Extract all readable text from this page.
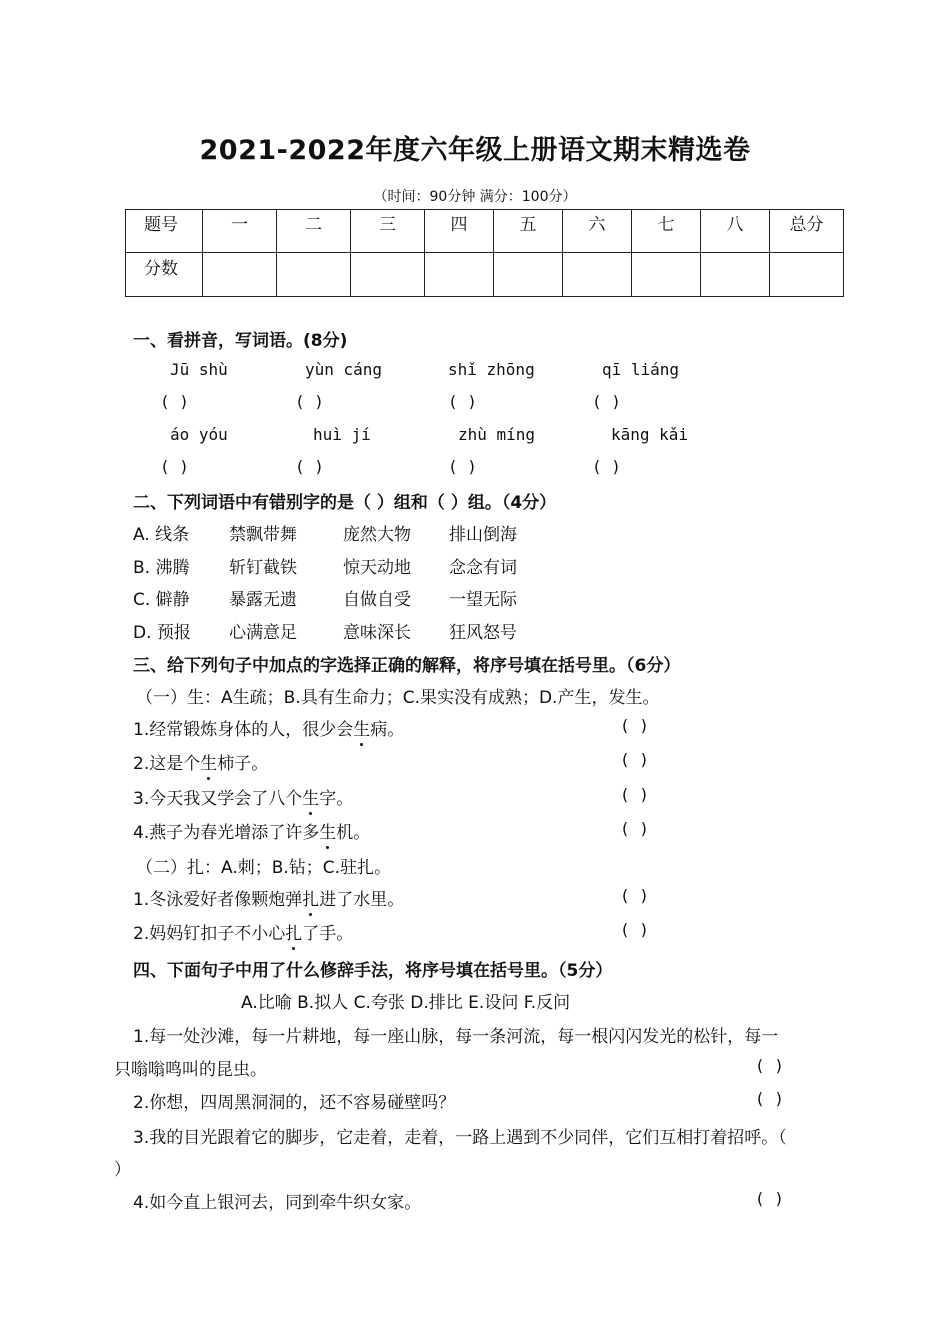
2021-2022年度六年级上册语文期末精选卷
（时间：90分钟 满分：100分）
题号	一	二	三	四	五	六	七	八	总分
分数									
一、看拼音，写词语。(8分)
Jū shù	yùn cáng	shǐ zhōng	qī liáng
( )	( )	( )	( )
áo yóu	huì jí	zhù míng	kāng kǎi
( )	( )	( )	( )
二、下列词语中有错别字的是（ ）组和（ ）组。（4分）
A. 线条 禁飘带舞	庞然大物 排山倒海
B. 沸腾 斩钉截铁	惊天动地 念念有词
C. 僻静 暴露无遗	自做自受 一望无际
D. 预报 心满意足	意味深长 狂风怒号
三、给下列句子中加点的字选择正确的解释，将序号填在括号里。（6分）
（一）生：A生疏；B.具有生命力；C.果实没有成熟；D.产生，发生。
1.经常锻炼身体的人，很少会生病。	( )
2.这是个生柿子。	( )
3.今天我又学会了八个生字。	( )
4.燕子为春光增添了许多生机。	( )
（二）扎：A.刺；B.钻；C.驻扎。
1.冬泳爱好者像颗炮弹扎进了水里。	( )
2.妈妈钉扣子不小心扎了手。	( )
四、下面句子中用了什么修辞手法，将序号填在括号里。（5分）
A.比喻 B.拟人 C.夸张 D.排比 E.设问 F.反问
1.每一处沙滩，每一片耕地，每一座山脉，每一条河流，每一根闪闪发光的松针，每一
只嗡嗡鸣叫的昆虫。	( )
2.你想，四周黑洞洞的，还不容易碰壁吗？	( )
3.我的目光跟着它的脚步，它走着，走着，一路上遇到不少同伴，它们互相打着招呼。（
）
4.如今直上银河去，同到牵牛织女家。	( )
